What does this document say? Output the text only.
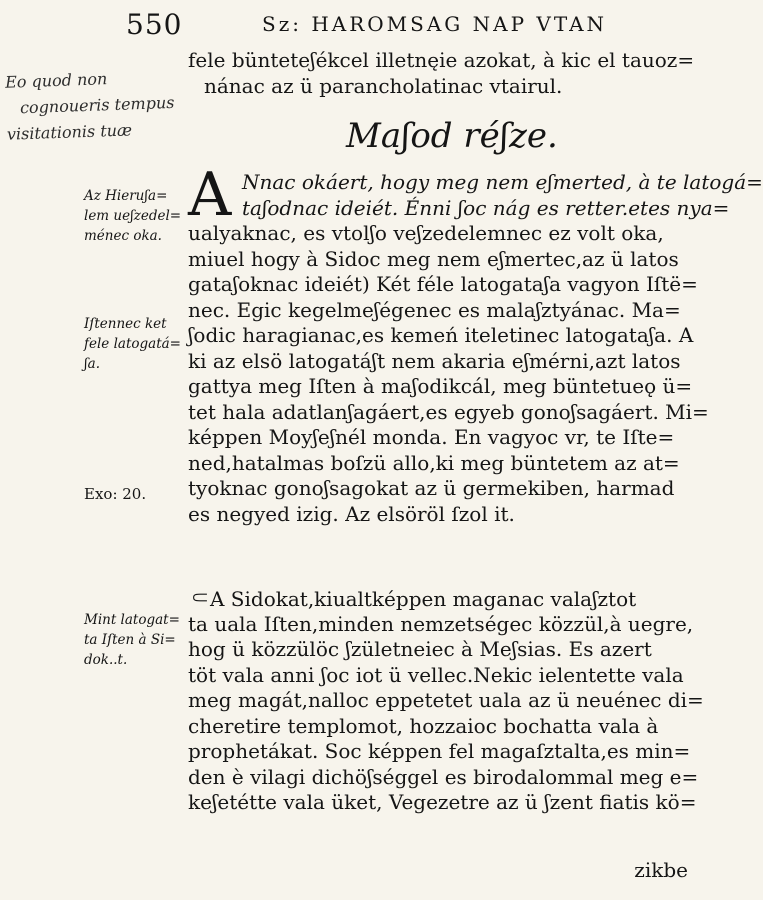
550	Sz: HAROMSAG NAP VTAN
Eo quod non
cognoueris tempus
visitationis tuæ
fele bünteteʃékcel illetnęie azokat, à kic el tauoz=
nánac az ü parancholatinac vtairul.
Maʃod réʃze.
A Nnac okáert, hogy meg nem eʃmerted, à te latogá=
taʃodnac ideiét. Énni ʃoc nág es retter.etes nya=
ualyaknac, es vtolʃo veʃzedelemnec ez volt oka,
miuel hogy à Sidoc meg nem eʃmertec,az ü latos
gataʃoknac ideiét) Két féle latogataʃa vagyon Iſtë=
nec. Egic kegelmeʃégenec es malaʃztyánac. Ma=
ʃodic haragianac,es kemeń iteletinec latogataʃa. A
ki az elsö latogatáʃt nem akaria eʃmérni,azt latos
gattya meg Iſten à maʃodikcál, meg büntetueǫ ü=
tet hala adatlanʃagáert,es egyeb gonoʃsagáert. Mi=
képpen Moyʃeʃnél monda. En vagyoc vr, te Iſte=
ned,hatalmas boſzü allo,ki meg büntetem az at=
tyoknac gonoʃsagokat az ü germekiben, harmad
es negyed izig. Az elsöröl ſzol it.
⸦A Sidokat,kiualtképpen maganac valaʃztot
ta uala Iſten,minden nemzetségec közzül,à uegre,
hog ü közzülöc ʃzületneiec à Meʃsias. Es azert
töt vala anni ʃoc iot ü vellec.Nekic ielentette vala
meg magát,nalloc eppetetet uala az ü neuénec di=
cheretire templomot, hozzaioc bochatta vala à
prophetákat. Soc képpen fel magaſztalta,es min=
den è vilagi dichöʃséggel es birodalommal meg e=
keʃetétte vala üket, Vegezetre az ü ʃzent fiatis kö=
Az Hieruʃa=
lem ueʃzedel=
ménec oka.
Iſtennec ket
fele latogatá=
ʃa.
Exo: 20.
Mint latogat=
ta Iſten à Si=
dok..t.
zikbe
